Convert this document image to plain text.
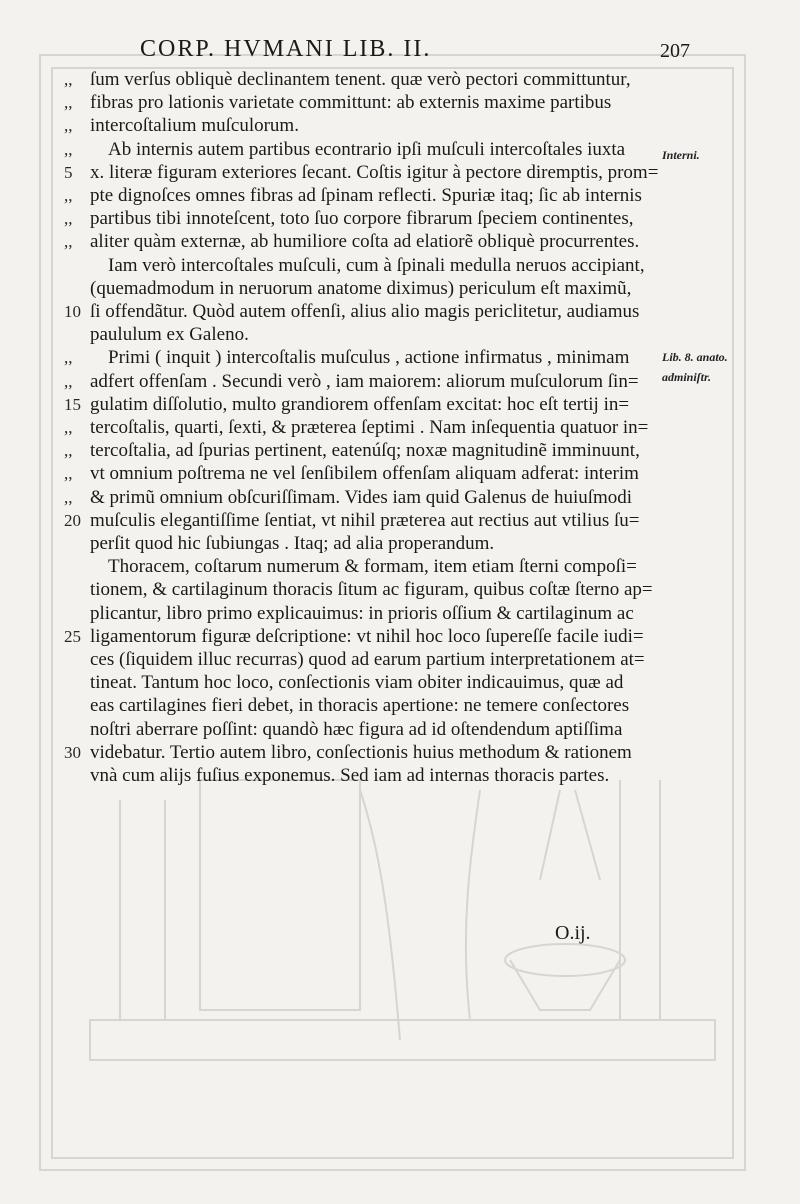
CORP. HVMANI LIB. II.	207
,, ſum verſus obliquè declinantem tenent. quæ verò pectori committuntur,
,, fibras pro lationis varietate committunt: ab externis maxime partibus
,, intercoſtalium muſculorum.
,,	Ab internis autem partibus econtrario ipſi muſculi intercoſtales iuxta
5 x. literæ figuram exteriores ſecant. Coſtis igitur à pectore diremptis, prom=
,, pte dignoſces omnes fibras ad ſpinam reflecti. Spuriæ itaq; ſic ab internis
,, partibus tibi innoteſcent, toto ſuo corpore fibrarum ſpeciem continentes,
,, aliter quàm externæ, ab humiliore coſta ad elatiorẽ obliquè procurrentes.
Iam verò intercoſtales muſculi, cum à ſpinali medulla neruos accipiant,
(quemadmodum in neruorum anatome diximus) periculum eſt maximũ,
10 ſi offendãtur. Quòd autem offenſi, alius alio magis periclitetur, audiamus
paululum ex Galeno.
,,	Primi ( inquit ) intercoſtalis muſculus , actione infirmatus , minimam
,, adfert offenſam . Secundi verò , iam maiorem: aliorum muſculorum ſin=
15 gulatim diſſolutio, multo grandiorem offenſam excitat: hoc eſt tertij in=
,, tercoſtalis, quarti, ſexti, & præterea ſeptimi . Nam inſequentia quatuor in=
,, tercoſtalia, ad ſpurias pertinent, eatenúſq; noxæ magnitudinẽ imminuunt,
,, vt omnium poſtrema ne vel ſenſibilem offenſam aliquam adferat: interim
,, & primũ omnium obſcuriſſimam. Vides iam quid Galenus de huiuſmodi
20 muſculis elegantiſſime ſentiat, vt nihil præterea aut rectius aut vtilius ſu=
perſit quod hic ſubiungas . Itaq; ad alia properandum.
Thoracem, coſtarum numerum & formam, item etiam ſterni compoſi=
tionem, & cartilaginum thoracis ſitum ac figuram, quibus coſtæ ſterno ap=
plicantur, libro primo explicauimus: in prioris oſſium & cartilaginum ac
25 ligamentorum figuræ deſcriptione: vt nihil hoc loco ſupereſſe facile iudi=
ces (ſiquidem illuc recurras) quod ad earum partium interpretationem at=
tineat. Tantum hoc loco, conſectionis viam obiter indicauimus, quæ ad
eas cartilagines fieri debet, in thoracis apertione: ne temere conſectores
noſtri aberrare poſſint: quandò hæc figura ad id oſtendendum aptiſſima
30 videbatur. Tertio autem libro, conſectionis huius methodum & rationem
vnà cum alijs fuſius exponemus. Sed iam ad internas thoracis partes.
Interni.
Lib. 8. anato.
adminiſtr.
O.ij.
